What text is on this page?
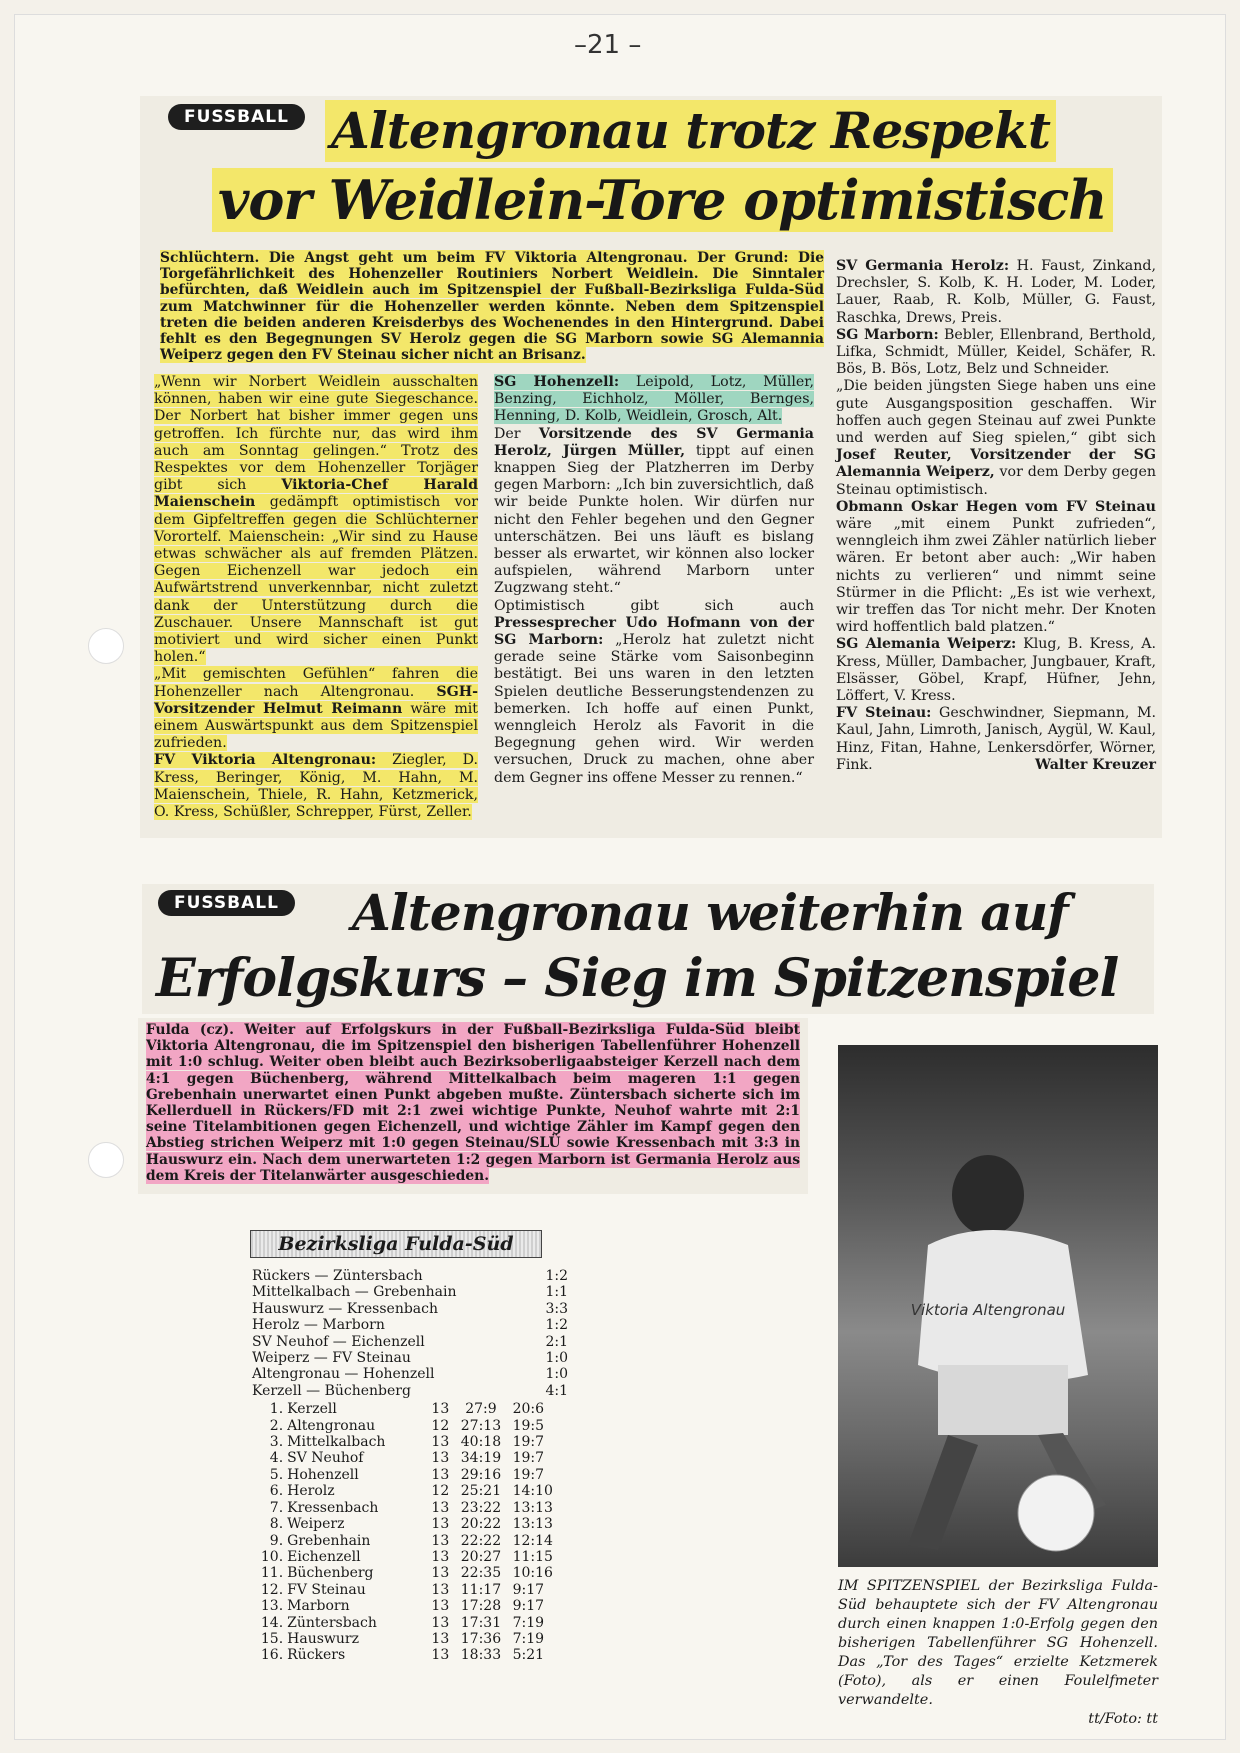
–21 –
FUSSBALL Altengronau trotz Respekt
vor Weidlein-Tore optimistisch
Schlüchtern. Die Angst geht um beim FV Viktoria Altengronau. Der Grund: Die Torgefährlichkeit des Hohenzeller Routiniers Norbert Weidlein. Die Sinntaler befürchten, daß Weidlein auch im Spitzenspiel der Fußball-Bezirksliga Fulda-Süd zum Matchwinner für die Hohenzeller werden könnte. Neben dem Spitzenspiel treten die beiden anderen Kreisderbys des Wochenendes in den Hintergrund. Dabei fehlt es den Begegnungen SV Herolz gegen die SG Marborn sowie SG Alemannia Weiperz gegen den FV Steinau sicher nicht an Brisanz.

„Wenn wir Norbert Weidlein ausschalten können, haben wir eine gute Siegeschance. Der Norbert hat bisher immer gegen uns getroffen. Ich fürchte nur, das wird ihm auch am Sonntag gelingen.“ Trotz des Respektes vor dem Hohenzeller Torjäger gibt sich Viktoria-Chef Harald Maienschein gedämpft optimistisch vor dem Gipfeltreffen gegen die Schlüchterner Vorortelf. Maienschein: „Wir sind zu Hause etwas schwächer als auf fremden Plätzen. Gegen Eichenzell war jedoch ein Aufwärtstrend unverkennbar, nicht zuletzt dank der Unterstützung durch die Zuschauer. Unsere Mannschaft ist gut motiviert und wird sicher einen Punkt holen.“

„Mit gemischten Gefühlen“ fahren die Hohenzeller nach Altengronau. SGH-Vorsitzender Helmut Reimann wäre mit einem Auswärtspunkt aus dem Spitzenspiel zufrieden.

FV Viktoria Altengronau: Ziegler, D. Kress, Beringer, König, M. Hahn, M. Maienschein, Thiele, R. Hahn, Ketzmerick, O. Kress, Schüßler, Schrepper, Fürst, Zeller.

SG Hohenzell: Leipold, Lotz, Müller, Benzing, Eichholz, Möller, Bernges, Henning, D. Kolb, Weidlein, Grosch, Alt.

Der Vorsitzende des SV Germania Herolz, Jürgen Müller, tippt auf einen knappen Sieg der Platzherren im Derby gegen Marborn: „Ich bin zuversichtlich, daß wir beide Punkte holen. Wir dürfen nur nicht den Fehler begehen und den Gegner unterschätzen. Bei uns läuft es bislang besser als erwartet, wir können also locker aufspielen, während Marborn unter Zugzwang steht.“

Optimistisch gibt sich auch Pressesprecher Udo Hofmann von der SG Marborn: „Herolz hat zuletzt nicht gerade seine Stärke vom Saisonbeginn bestätigt. Bei uns waren in den letzten Spielen deutliche Besserungstendenzen zu bemerken. Ich hoffe auf einen Punkt, wenngleich Herolz als Favorit in die Begegnung gehen wird. Wir werden versuchen, Druck zu machen, ohne aber dem Gegner ins offene Messer zu rennen.“

SV Germania Herolz: H. Faust, Zinkand, Drechsler, S. Kolb, K. H. Loder, M. Loder, Lauer, Raab, R. Kolb, Müller, G. Faust, Raschka, Drews, Preis.

SG Marborn: Bebler, Ellenbrand, Berthold, Lifka, Schmidt, Müller, Keidel, Schäfer, R. Bös, B. Bös, Lotz, Belz und Schneider.

„Die beiden jüngsten Siege haben uns eine gute Ausgangsposition geschaffen. Wir hoffen auch gegen Steinau auf zwei Punkte und werden auf Sieg spielen,“ gibt sich Josef Reuter, Vorsitzender der SG Alemannia Weiperz, vor dem Derby gegen Steinau optimistisch.

Obmann Oskar Hegen vom FV Steinau wäre „mit einem Punkt zufrieden“, wenngleich ihm zwei Zähler natürlich lieber wären. Er betont aber auch: „Wir haben nichts zu verlieren“ und nimmt seine Stürmer in die Pflicht: „Es ist wie verhext, wir treffen das Tor nicht mehr. Der Knoten wird hoffentlich bald platzen.“

SG Alemania Weiperz: Klug, B. Kress, A. Kress, Müller, Dambacher, Jungbauer, Kraft, Elsässer, Göbel, Krapf, Hüfner, Jehn, Löffert, V. Kress.

FV Steinau: Geschwindner, Siepmann, M. Kaul, Jahn, Limroth, Janisch, Aygül, W. Kaul, Hinz, Fitan, Hahne, Lenkersdörfer, Wörner, Fink.	Walter Kreuzer

FUSSBALL	Altengronau weiterhin auf
Erfolgskurs – Sieg im Spitzenspiel
Fulda (cz). Weiter auf Erfolgskurs in der Fußball-Bezirksliga Fulda-Süd bleibt Viktoria Altengronau, die im Spitzenspiel den bisherigen Tabellenführer Hohenzell mit 1:0 schlug. Weiter oben bleibt auch Bezirksoberligaabsteiger Kerzell nach dem 4:1 gegen Büchenberg, während Mittelkalbach beim mageren 1:1 gegen Grebenhain unerwartet einen Punkt abgeben mußte. Züntersbach sicherte sich im Kellerduell in Rückers/FD mit 2:1 zwei wichtige Punkte, Neuhof wahrte mit 2:1 seine Titelambitionen gegen Eichenzell, und wichtige Zähler im Kampf gegen den Abstieg strichen Weiperz mit 1:0 gegen Steinau/SLÜ sowie Kressenbach mit 3:3 in Hauswurz ein. Nach dem unerwarteten 1:2 gegen Marborn ist Germania Herolz aus dem Kreis der Titelanwärter ausgeschieden.
Bezirksliga Fulda-Süd
Rückers — Züntersbach	1:2
Mittelkalbach — Grebenhain	1:1
Hauswurz — Kressenbach	3:3
Herolz — Marborn	1:2
SV Neuhof — Eichenzell	2:1
Weiperz — FV Steinau	1:0
Altengronau — Hohenzell	1:0
Kerzell — Büchenberg	4:1
1.	Kerzell	13	27:9	20:6
2.	Altengronau	12	27:13	19:5
3.	Mittelkalbach	13	40:18	19:7
4.	SV Neuhof	13	34:19	19:7
5.	Hohenzell	13	29:16	19:7
6.	Herolz	12	25:21	14:10
7.	Kressenbach	13	23:22	13:13
8.	Weiperz	13	20:22	13:13
9.	Grebenhain	13	22:22	12:14
10.	Eichenzell	13	20:27	11:15
11.	Büchenberg	13	22:35	10:16
12.	FV Steinau	13	11:17	9:17
13.	Marborn	13	17:28	9:17
14.	Züntersbach	13	17:31	7:19
15.	Hauswurz	13	17:36	7:19
16.	Rückers	13	18:33	5:21
Viktoria Altengronau
IM SPITZENSPIEL der Bezirksliga Fulda-Süd behauptete sich der FV Altengronau durch einen knappen 1:0-Erfolg gegen den bisherigen Tabellenführer SG Hohenzell. Das „Tor des Tages“ erzielte Ketzmerek (Foto), als er einen Foulelfmeter verwandelte.
tt/Foto: tt
